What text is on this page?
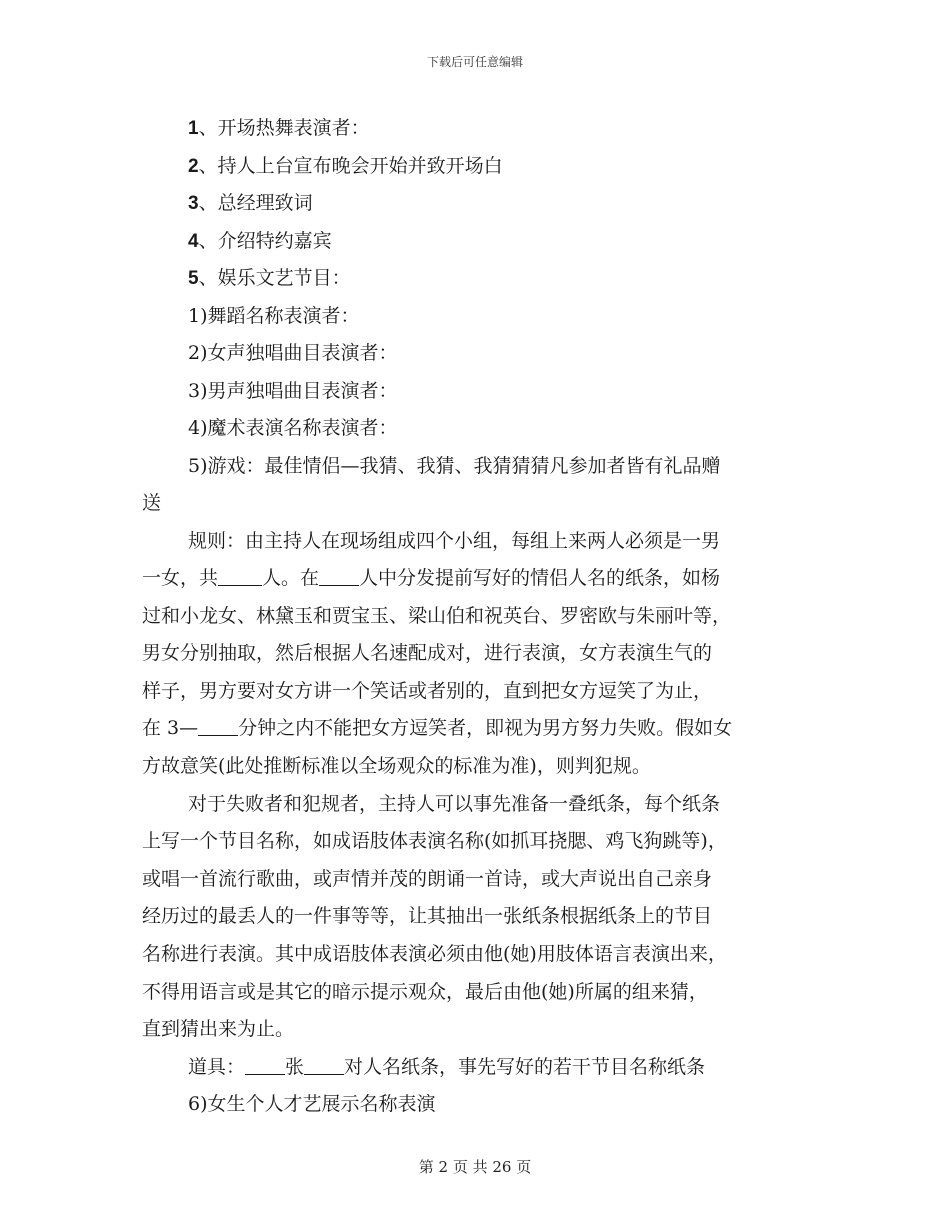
下载后可任意编辑
1、开场热舞表演者：
2、持人上台宣布晚会开始并致开场白
3、总经理致词
4、介绍特约嘉宾
5、娱乐文艺节目：
1)舞蹈名称表演者：
2)女声独唱曲目表演者：
3)男声独唱曲目表演者：
4)魔术表演名称表演者：
5)游戏：最佳情侣—我猜、我猜、我猜猜猜凡参加者皆有礼品赠
送
规则：由主持人在现场组成四个小组，每组上来两人必须是一男
一女，共 人。在 人中分发提前写好的情侣人名的纸条，如杨
过和小龙女、林黛玉和贾宝玉、梁山伯和祝英台、罗密欧与朱丽叶等，
男女分别抽取，然后根据人名速配成对，进行表演，女方表演生气的
样子，男方要对女方讲一个笑话或者别的，直到把女方逗笑了为止，
在 3— 分钟之内不能把女方逗笑者，即视为男方努力失败。假如女
方故意笑(此处推断标准以全场观众的标准为准)，则判犯规。
对于失败者和犯规者，主持人可以事先准备一叠纸条，每个纸条
上写一个节目名称，如成语肢体表演名称(如抓耳挠腮、鸡飞狗跳等)，
或唱一首流行歌曲，或声情并茂的朗诵一首诗，或大声说出自己亲身
经历过的最丢人的一件事等等，让其抽出一张纸条根据纸条上的节目
名称进行表演。其中成语肢体表演必须由他(她)用肢体语言表演出来，
不得用语言或是其它的暗示提示观众，最后由他(她)所属的组来猜，
直到猜出来为止。
道具： 张 对人名纸条，事先写好的若干节目名称纸条
6)女生个人才艺展示名称表演
第 2 页 共 26 页
